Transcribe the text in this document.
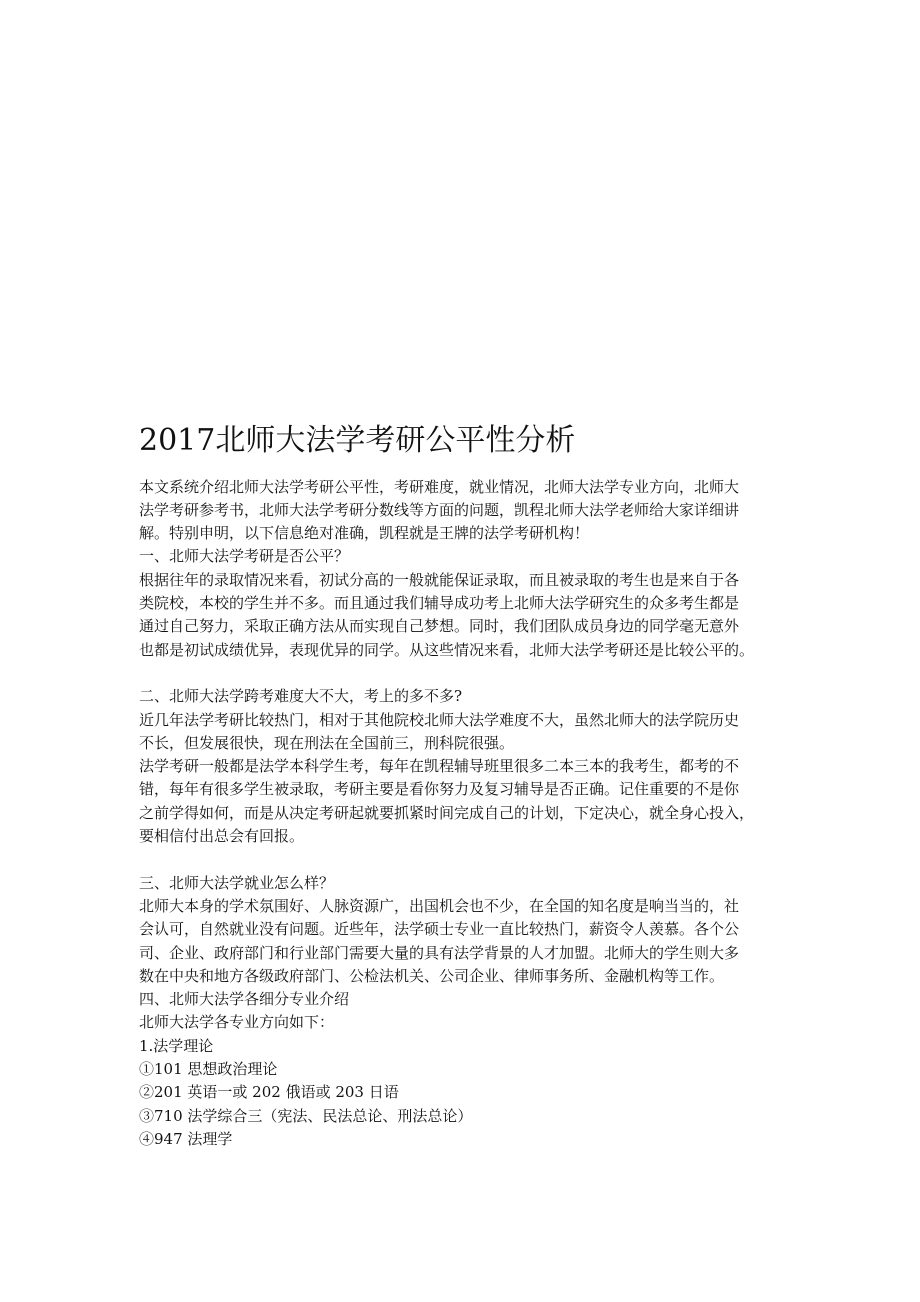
2017北师大法学考研公平性分析
本文系统介绍北师大法学考研公平性，考研难度，就业情况，北师大法学专业方向，北师大
法学考研参考书，北师大法学考研分数线等方面的问题，凯程北师大法学老师给大家详细讲
解。特别申明，以下信息绝对准确，凯程就是王牌的法学考研机构！
一、北师大法学考研是否公平？
根据往年的录取情况来看，初试分高的一般就能保证录取，而且被录取的考生也是来自于各
类院校，本校的学生并不多。而且通过我们辅导成功考上北师大法学研究生的众多考生都是
通过自己努力，采取正确方法从而实现自己梦想。同时，我们团队成员身边的同学毫无意外
也都是初试成绩优异，表现优异的同学。从这些情况来看，北师大法学考研还是比较公平的。
二、北师大法学跨考难度大不大，考上的多不多?
近几年法学考研比较热门，相对于其他院校北师大法学难度不大，虽然北师大的法学院历史
不长，但发展很快，现在刑法在全国前三，刑科院很强。
法学考研一般都是法学本科学生考，每年在凯程辅导班里很多二本三本的我考生，都考的不
错，每年有很多学生被录取，考研主要是看你努力及复习辅导是否正确。记住重要的不是你
之前学得如何，而是从决定考研起就要抓紧时间完成自己的计划，下定决心，就全身心投入，
要相信付出总会有回报。
三、北师大法学就业怎么样？
北师大本身的学术氛围好、人脉资源广，出国机会也不少，在全国的知名度是响当当的，社
会认可，自然就业没有问题。近些年，法学硕士专业一直比较热门，薪资令人羡慕。各个公
司、企业、政府部门和行业部门需要大量的具有法学背景的人才加盟。北师大的学生则大多
数在中央和地方各级政府部门、公检法机关、公司企业、律师事务所、金融机构等工作。
四、北师大法学各细分专业介绍
北师大法学各专业方向如下：
1.法学理论
①101 思想政治理论
②201 英语一或 202 俄语或 203 日语
③710 法学综合三（宪法、民法总论、刑法总论）
④947 法理学
